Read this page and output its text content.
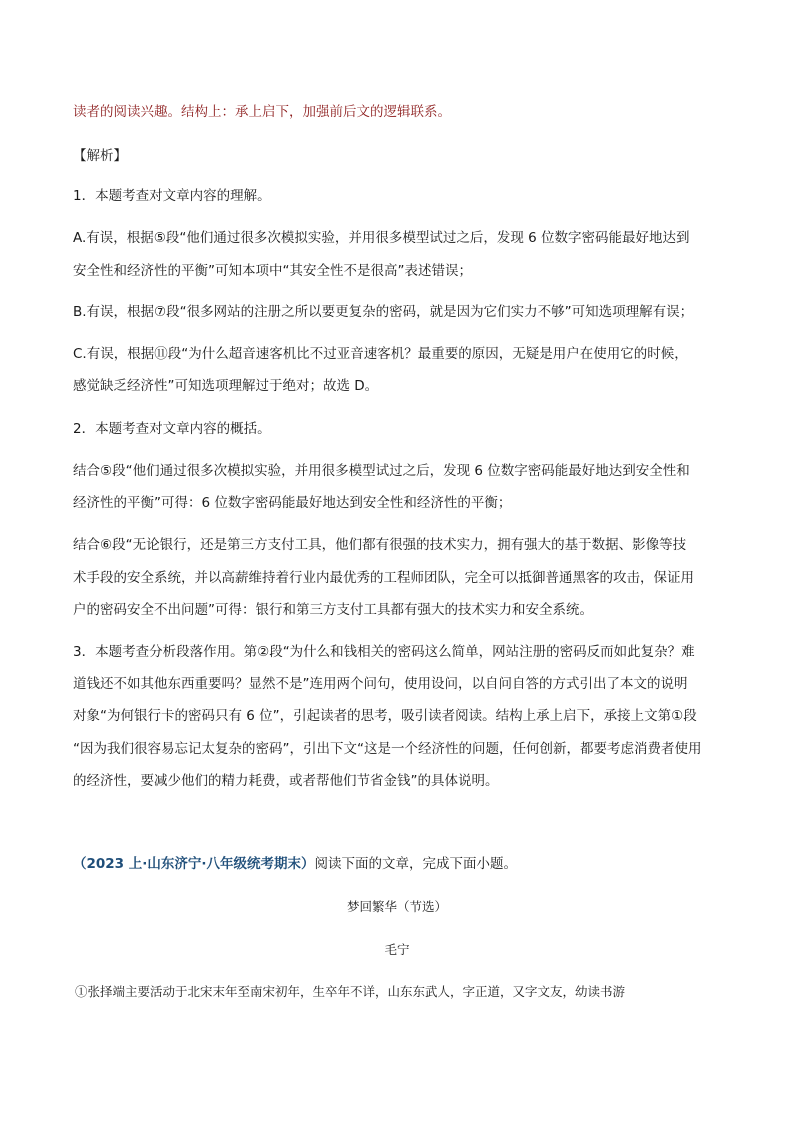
读者的阅读兴趣。结构上：承上启下，加强前后文的逻辑联系。
【解析】
1．本题考查对文章内容的理解。
A.有误，根据⑤段“他们通过很多次模拟实验，并用很多模型试过之后，发现 6 位数字密码能最好地达到
安全性和经济性的平衡”可知本项中“其安全性不是很高”表述错误；
B.有误，根据⑦段“很多网站的注册之所以要更复杂的密码，就是因为它们实力不够”可知选项理解有误；
C.有误，根据⑪段“为什么超音速客机比不过亚音速客机？最重要的原因，无疑是用户在使用它的时候，
感觉缺乏经济性”可知选项理解过于绝对；故选 D。
2．本题考查对文章内容的概括。
结合⑤段“他们通过很多次模拟实验，并用很多模型试过之后，发现 6 位数字密码能最好地达到安全性和
经济性的平衡”可得：6 位数字密码能最好地达到安全性和经济性的平衡；
结合⑥段“无论银行，还是第三方支付工具，他们都有很强的技术实力，拥有强大的基于数据、影像等技
术手段的安全系统，并以高薪维持着行业内最优秀的工程师团队，完全可以抵御普通黑客的攻击，保证用
户的密码安全不出问题”可得：银行和第三方支付工具都有强大的技术实力和安全系统。
3．本题考查分析段落作用。第②段“为什么和钱相关的密码这么简单，网站注册的密码反而如此复杂？难
道钱还不如其他东西重要吗？显然不是”连用两个问句，使用设问，以自问自答的方式引出了本文的说明
对象“为何银行卡的密码只有 6 位”，引起读者的思考，吸引读者阅读。结构上承上启下，承接上文第①段
“因为我们很容易忘记太复杂的密码”，引出下文“这是一个经济性的问题，任何创新，都要考虑消费者使用
的经济性，要减少他们的精力耗费，或者帮他们节省金钱”的具体说明。
（2023 上·山东济宁·八年级统考期末）阅读下面的文章，完成下面小题。
梦回繁华（节选）
毛宁
①张择端主要活动于北宋末年至南宋初年，生卒年不详，山东东武人，字正道，又字文友，幼读书游
